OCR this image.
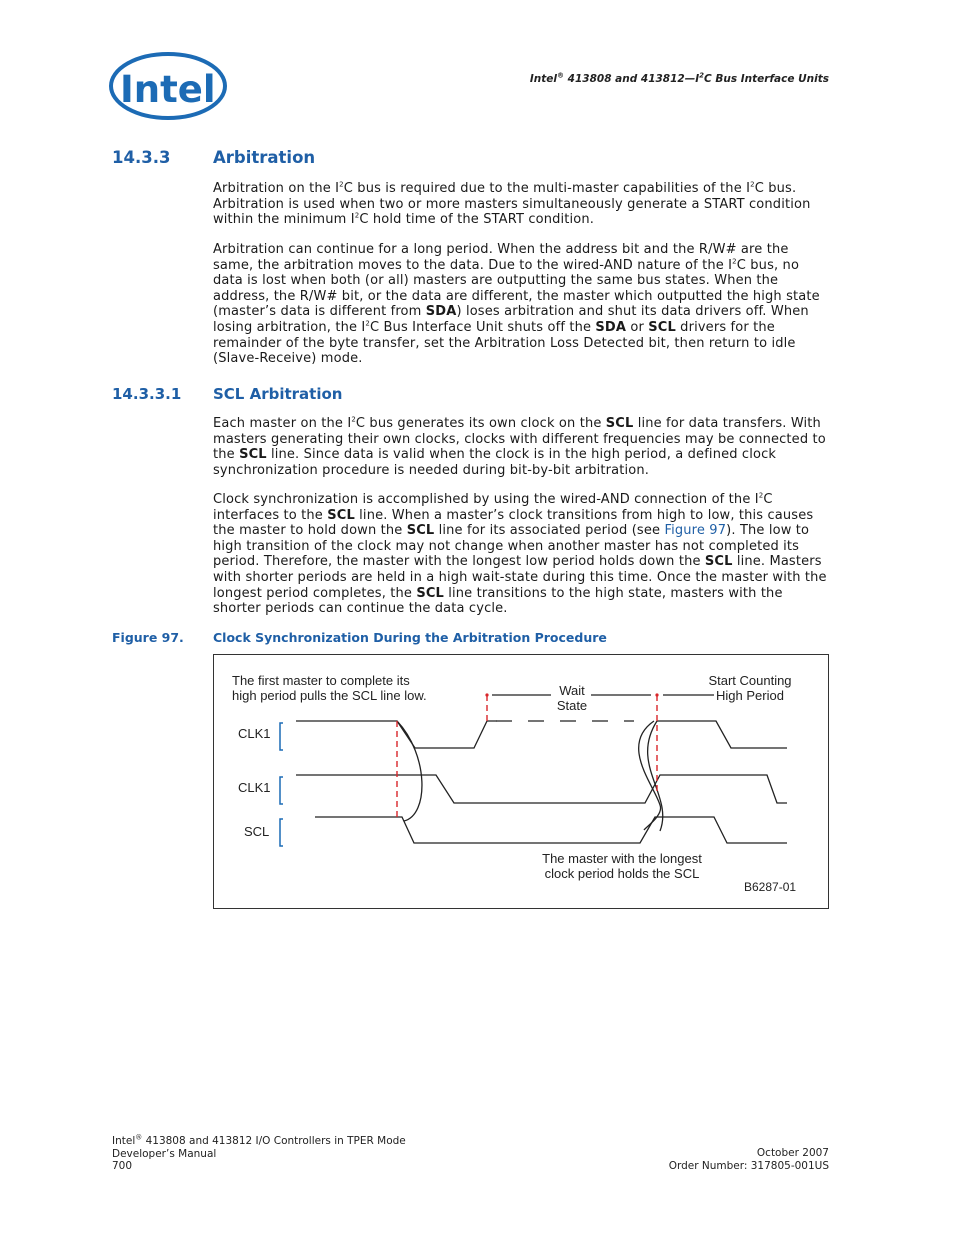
Intel	Intel® 413808 and $413812—I^2C$ Bus Interface Units
14.3.3	Arbitration
Arbitration on the $I^2C$ bus is required due to the multi-master capabilities of the $I^2C$ bus. Arbitration is used when two or more masters simultaneously generate a START condition within the minimum $I^2C$ hold time of the START condition.
Arbitration can continue for a long period. When the address bit and the R/W# are the same, the arbitration moves to the data. Due to the wired-AND nature of the $I^2C$ bus, no data is lost when both (or all) masters are outputting the same bus states. When the address, the R/W# bit, or the data are different, the master which outputted the high state (master’s data is different from SDA) loses arbitration and shut its data drivers off. When losing arbitration, the $I^2C$ Bus Interface Unit shuts off the SDA or SCL drivers for the remainder of the byte transfer, set the Arbitration Loss Detected bit, then return to idle (Slave-Receive) mode.
14.3.3.1 SCL Arbitration
Each master on the $I^2C$ bus generates its own clock on the SCL line for data transfers. With masters generating their own clocks, clocks with different frequencies may be connected to the SCL line. Since data is valid when the clock is in the high period, a defined clock synchronization procedure is needed during bit-by-bit arbitration.
Clock synchronization is accomplished by using the wired-AND connection of the $I^2C$ interfaces to the SCL line. When a master’s clock transitions from high to low, this causes the master to hold down the SCL line for its associated period (see Figure 97). The low to high transition of the clock may not change when another master has not completed its period. Therefore, the master with the longest low period holds down the SCL line. Masters with shorter periods are held in a high wait-state during this time. Once the master with the longest period completes, the SCL line transitions to the high state, masters with the shorter periods can continue the data cycle.
Figure 97. Clock Synchronization During the Arbitration Procedure
The first master to complete its
high period pulls the SCL line low.	Wait
State
Start Counting
High Period
CLK1
CLK1
SCL
The master with the longest
clock period holds the SCL
B6287-01
Intel® 413808 and 413812 I/O Controllers in TPER Mode
Developer’s Manual
700
October 2007
Order Number: 317805-001US
